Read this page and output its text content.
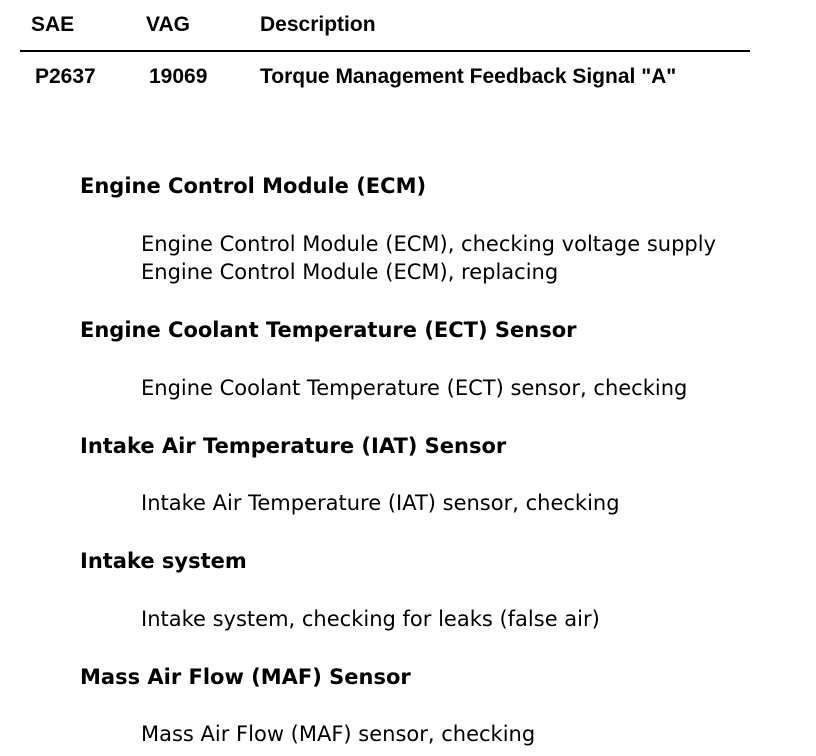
SAE	VAG	Description
P2637	19069	Torque Management Feedback Signal "A"
Engine Control Module (ECM)
Engine Control Module (ECM), checking voltage supply
Engine Control Module (ECM), replacing
Engine Coolant Temperature (ECT) Sensor
Engine Coolant Temperature (ECT) sensor, checking
Intake Air Temperature (IAT) Sensor
Intake Air Temperature (IAT) sensor, checking
Intake system
Intake system, checking for leaks (false air)
Mass Air Flow (MAF) Sensor
Mass Air Flow (MAF) sensor, checking
